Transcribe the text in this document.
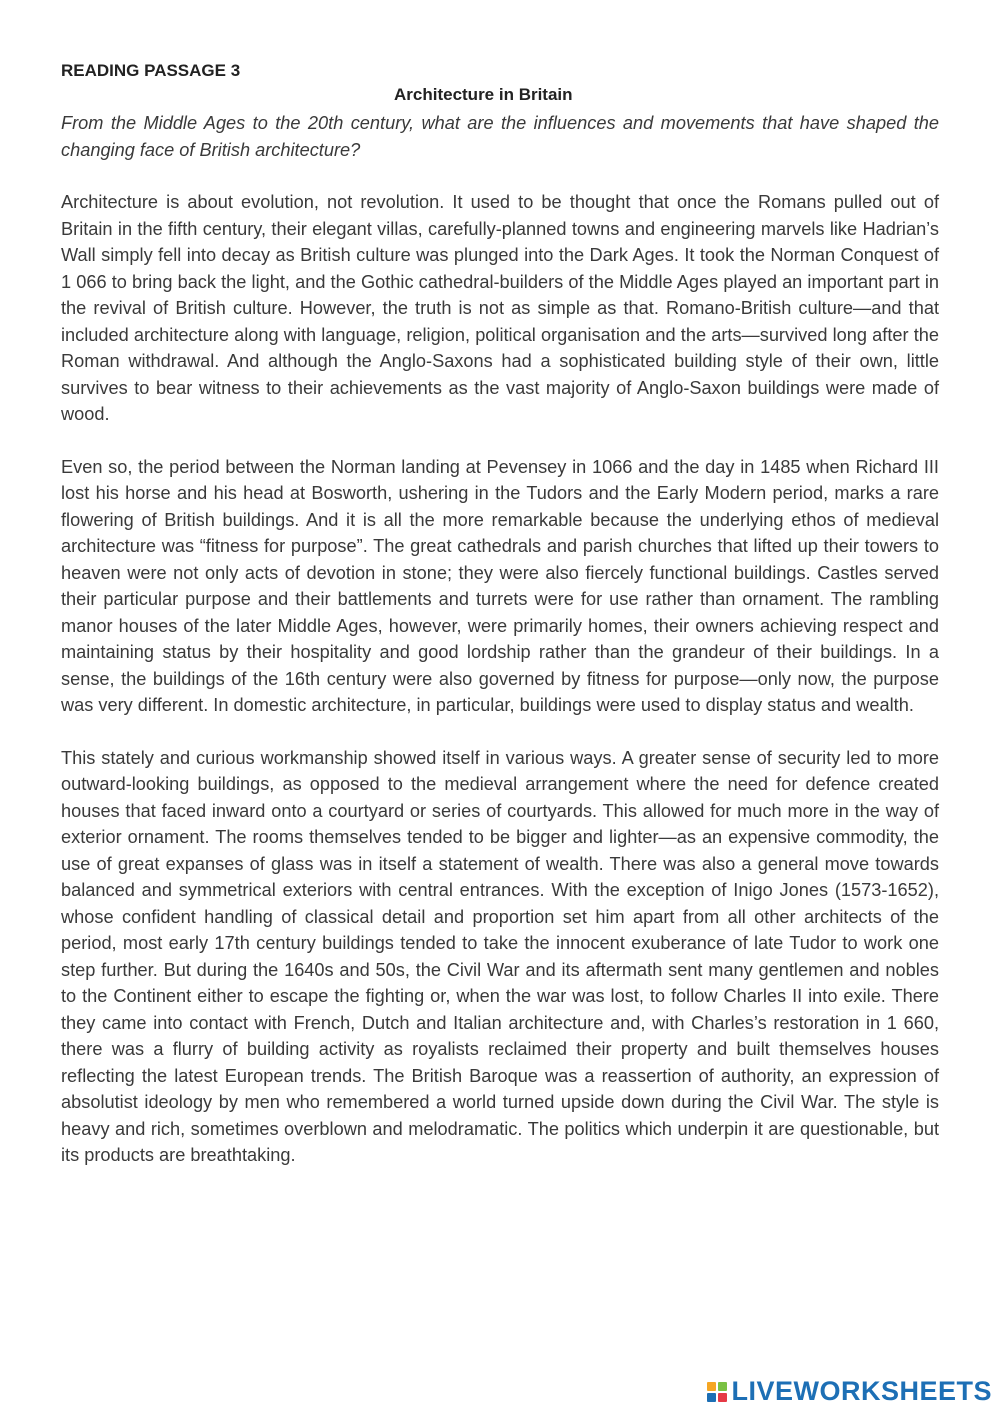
READING PASSAGE 3

Architecture in Britain

From the Middle Ages to the 20th century, what are the influences and movements that have shaped the changing face of British architecture?

Architecture is about evolution, not revolution. It used to be thought that once the Romans pulled out of Britain in the fifth century, their elegant villas, carefully-planned towns and engineering marvels like Hadrian’s Wall simply fell into decay as British culture was plunged into the Dark Ages. It took the Norman Conquest of 1 066 to bring back the light, and the Gothic cathedral-builders of the Middle Ages played an important part in the revival of British culture. However, the truth is not as simple as that. Romano-British culture—and that included architecture along with language, religion, political organisation and the arts—survived long after the Roman withdrawal. And although the Anglo-Saxons had a sophisticated building style of their own, little survives to bear witness to their achievements as the vast majority of Anglo-Saxon buildings were made of wood.

Even so, the period between the Norman landing at Pevensey in 1066 and the day in 1485 when Richard III lost his horse and his head at Bosworth, ushering in the Tudors and the Early Modern period, marks a rare flowering of British buildings. And it is all the more remarkable because the underlying ethos of medieval architecture was “fitness for purpose”. The great cathedrals and parish churches that lifted up their towers to heaven were not only acts of devotion in stone; they were also fiercely functional buildings. Castles served their particular purpose and their battlements and turrets were for use rather than ornament. The rambling manor houses of the later Middle Ages, however, were primarily homes, their owners achieving respect and maintaining status by their hospitality and good lordship rather than the grandeur of their buildings. In a sense, the buildings of the 16th century were also governed by fitness for purpose—only now, the purpose was very different. In domestic architecture, in particular, buildings were used to display status and wealth.

This stately and curious workmanship showed itself in various ways. A greater sense of security led to more outward-looking buildings, as opposed to the medieval arrangement where the need for defence created houses that faced inward onto a courtyard or series of courtyards. This allowed for much more in the way of exterior ornament. The rooms themselves tended to be bigger and lighter—as an expensive commodity, the use of great expanses of glass was in itself a statement of wealth. There was also a general move towards balanced and symmetrical exteriors with central entrances. With the exception of Inigo Jones (1573-1652), whose confident handling of classical detail and proportion set him apart from all other architects of the period, most early 17th century buildings tended to take the innocent exuberance of late Tudor to work one step further. But during the 1640s and 50s, the Civil War and its aftermath sent many gentlemen and nobles to the Continent either to escape the fighting or, when the war was lost, to follow Charles II into exile. There they came into contact with French, Dutch and Italian architecture and, with Charles’s restoration in 1 660, there was a flurry of building activity as royalists reclaimed their property and built themselves houses reflecting the latest European trends. The British Baroque was a reassertion of authority, an expression of absolutist ideology by men who remembered a world turned upside down during the Civil War. The style is heavy and rich, sometimes overblown and melodramatic. The politics which underpin it are questionable, but its products are breathtaking.

LIVEWORKSHEETS
